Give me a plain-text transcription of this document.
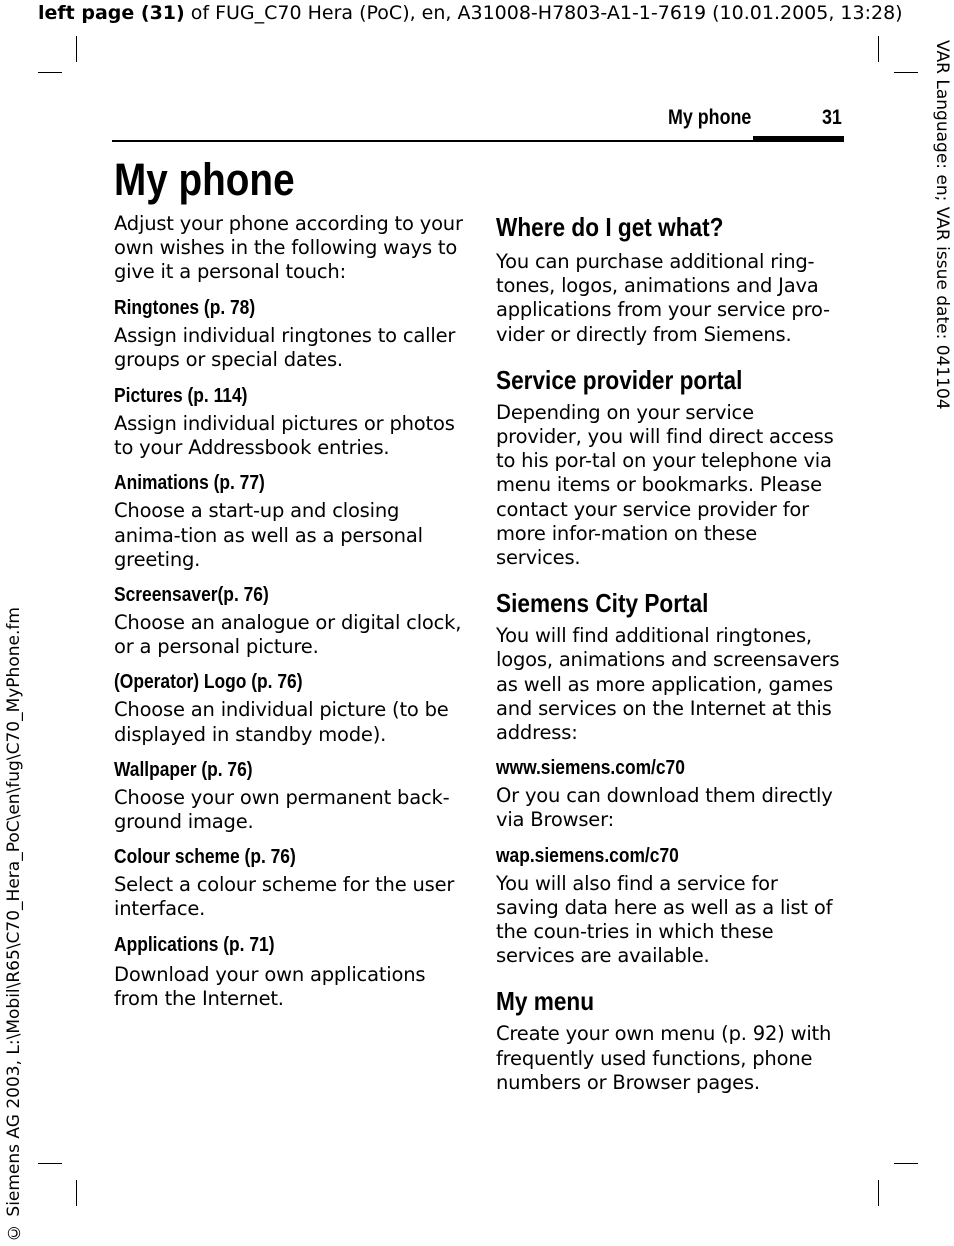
left page (31) of FUG_C70 Hera (PoC), en, A31008-H7803-A1-1-7619 (10.01.2005, 13:28)
VAR Language: en; VAR issue date: 041104
© Siemens AG 2003, L:\Mobil\R65\C70_Hera_PoC\en\fug\C70_MyPhone.fm
My phone	31
My phone

Adjust your phone according to your own wishes in the following ways to give it a personal touch:

Ringtones (p. 78)

Assign individual ringtones to caller groups or special dates.

Pictures (p. 114)

Assign individual pictures or photos to your Addressbook entries.

Animations (p. 77)

Choose a start-up and closing anima-tion as well as a personal greeting.

Screensaver(p. 76)

Choose an analogue or digital clock, or a personal picture.

(Operator) Logo (p. 76)

Choose an individual picture (to be displayed in standby mode).

Wallpaper (p. 76)

Choose your own permanent back-ground image.

Colour scheme (p. 76)

Select a colour scheme for the user interface.

Applications (p. 71)

Download your own applications from the Internet.

Where do I get what?

You can purchase additional ring-tones, logos, animations and Java applications from your service pro-vider or directly from Siemens.

Service provider portal

Depending on your service provider, you will find direct access to his por-tal on your telephone via menu items or bookmarks. Please contact your service provider for more infor-mation on these services.

Siemens City Portal

You will find additional ringtones, logos, animations and screensavers as well as more application, games and services on the Internet at this address:

www.siemens.com/c70

Or you can download them directly via Browser:

wap.siemens.com/c70

You will also find a service for saving data here as well as a list of the coun-tries in which these services are available.

My menu

Create your own menu (p. 92) with frequently used functions, phone numbers or Browser pages.
